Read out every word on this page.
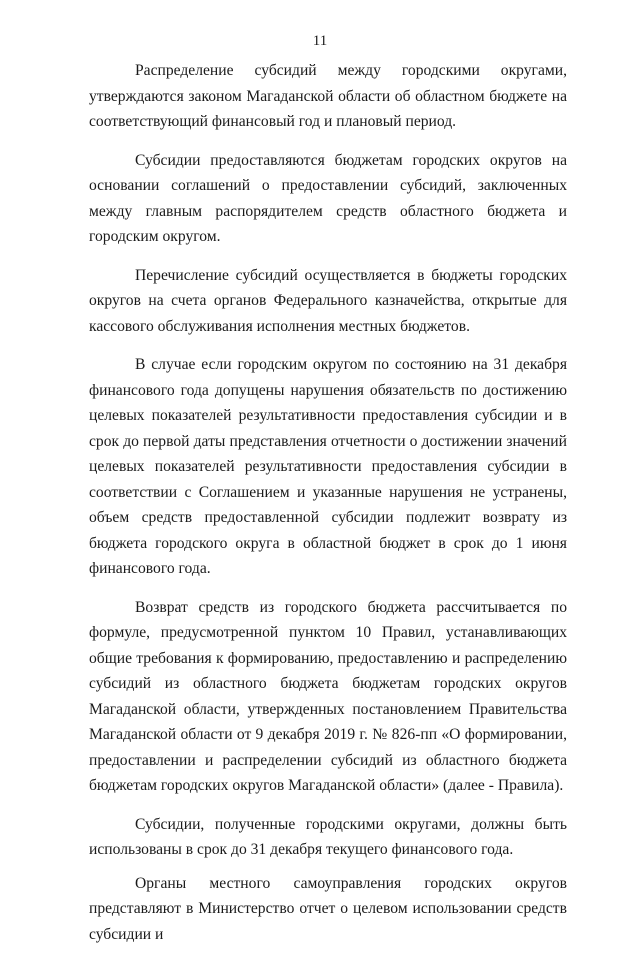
11

Распределение субсидий между городскими округами, утверждаются законом Магаданской области об областном бюджете на соответствующий финансовый год и плановый период.

Субсидии предоставляются бюджетам городских округов на основании соглашений о предоставлении субсидий, заключенных между главным распорядителем средств областного бюджета и городским округом.

Перечисление субсидий осуществляется в бюджеты городских округов на счета органов Федерального казначейства, открытые для кассового обслуживания исполнения местных бюджетов.

В случае если городским округом по состоянию на 31 декабря финансового года допущены нарушения обязательств по достижению целевых показателей результативности предоставления субсидии и в срок до первой даты представления отчетности о достижении значений целевых показателей результативности предоставления субсидии в соответствии с Соглашением и указанные нарушения не устранены, объем средств предоставленной субсидии подлежит возврату из бюджета городского округа в областной бюджет в срок до 1 июня финансового года.

Возврат средств из городского бюджета рассчитывается по формуле, предусмотренной пунктом 10 Правил, устанавливающих общие требования к формированию, предоставлению и распределению субсидий из областного бюджета бюджетам городских округов Магаданской области, утвержденных постановлением Правительства Магаданской области от 9 декабря 2019 г. № 826-пп «О формировании, предоставлении и распределении субсидий из областного бюджета бюджетам городских округов Магаданской области» (далее - Правила).

Субсидии, полученные городскими округами, должны быть использованы в срок до 31 декабря текущего финансового года.

Органы местного самоуправления городских округов представляют в Министерство отчет о целевом использовании средств субсидии и
